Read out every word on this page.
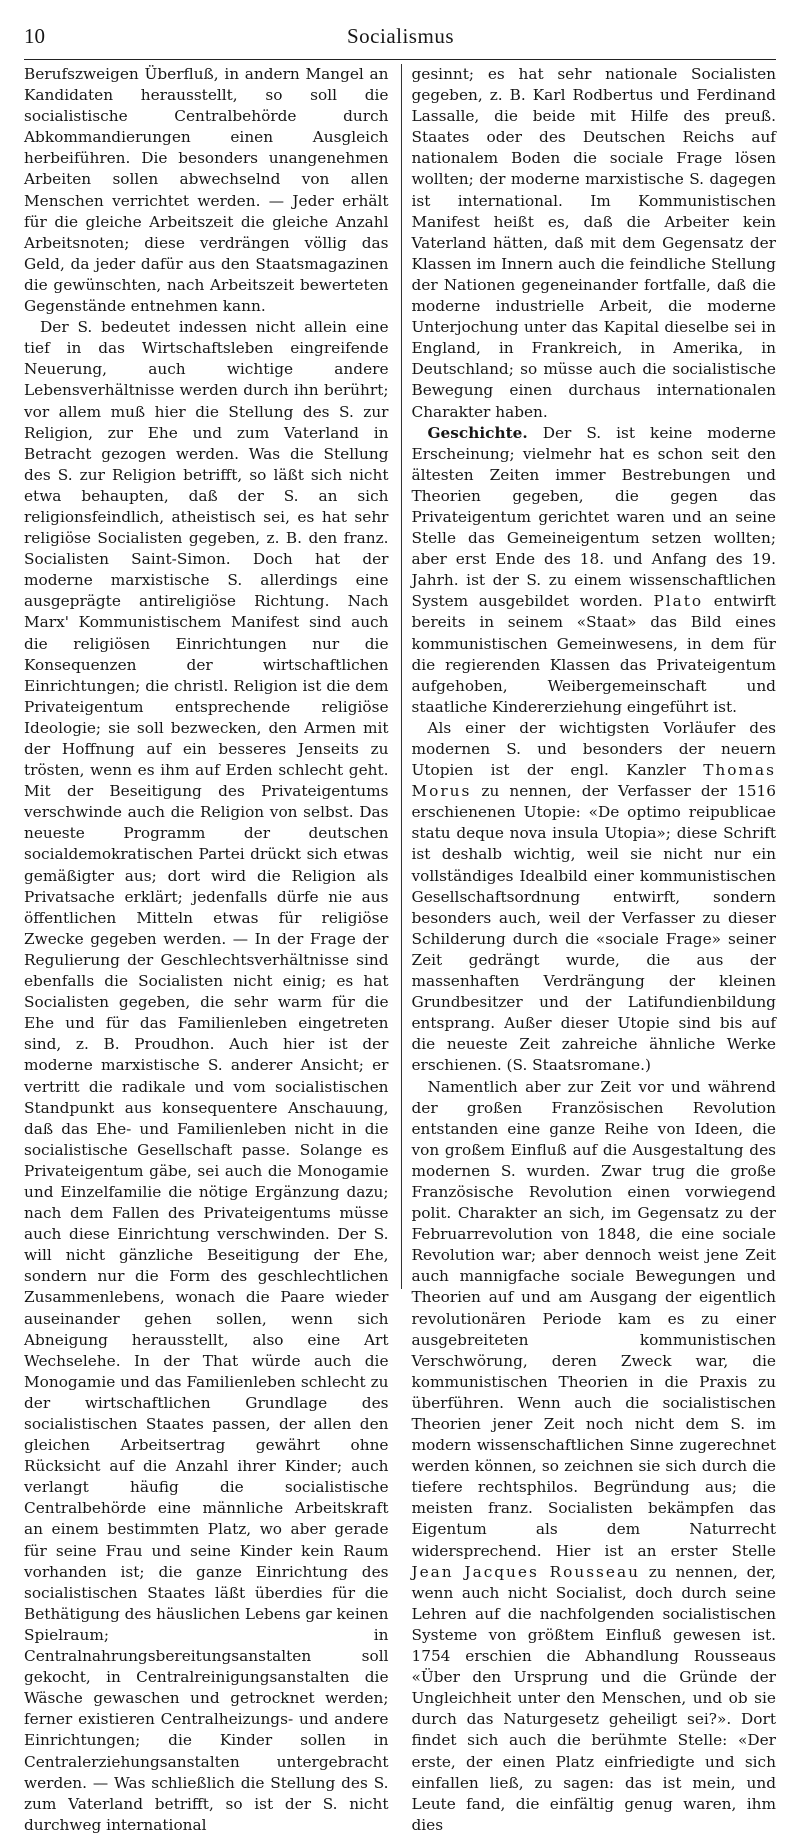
10	Socialismus

Berufszweigen Überfluß, in andern Mangel an Kandidaten herausstellt, so soll die socialistische Centralbehörde durch Abkommandierungen einen Ausgleich herbeiführen. Die besonders unangenehmen Arbeiten sollen abwechselnd von allen Menschen verrichtet werden. — Jeder erhält für die gleiche Arbeitszeit die gleiche Anzahl Arbeitsnoten; diese verdrängen völlig das Geld, da jeder dafür aus den Staatsmagazinen die gewünschten, nach Arbeitszeit bewerteten Gegenstände entnehmen kann.

Der S. bedeutet indessen nicht allein eine tief in das Wirtschaftsleben eingreifende Neuerung, auch wichtige andere Lebensverhältnisse werden durch ihn berührt; vor allem muß hier die Stellung des S. zur Religion, zur Ehe und zum Vaterland in Betracht gezogen werden. Was die Stellung des S. zur Religion betrifft, so läßt sich nicht etwa behaupten, daß der S. an sich religionsfeindlich, atheistisch sei, es hat sehr religiöse Socialisten gegeben, z. B. den franz. Socialisten Saint-Simon. Doch hat der moderne marxistische S. allerdings eine ausgeprägte antireligiöse Richtung. Nach Marx' Kommunistischem Manifest sind auch die religiösen Einrichtungen nur die Konsequenzen der wirtschaftlichen Einrichtungen; die christl. Religion ist die dem Privateigentum entsprechende religiöse Ideologie; sie soll bezwecken, den Armen mit der Hoffnung auf ein besseres Jenseits zu trösten, wenn es ihm auf Erden schlecht geht. Mit der Beseitigung des Privateigentums verschwinde auch die Religion von selbst. Das neueste Programm der deutschen socialdemokratischen Partei drückt sich etwas gemäßigter aus; dort wird die Religion als Privatsache erklärt; jedenfalls dürfe nie aus öffentlichen Mitteln etwas für religiöse Zwecke gegeben werden. — In der Frage der Regulierung der Geschlechtsverhältnisse sind ebenfalls die Socialisten nicht einig; es hat Socialisten gegeben, die sehr warm für die Ehe und für das Familienleben eingetreten sind, z. B. Proudhon. Auch hier ist der moderne marxistische S. anderer Ansicht; er vertritt die radikale und vom socialistischen Standpunkt aus konsequentere Anschauung, daß das Ehe- und Familienleben nicht in die socialistische Gesellschaft passe. Solange es Privateigentum gäbe, sei auch die Monogamie und Einzelfamilie die nötige Ergänzung dazu; nach dem Fallen des Privateigentums müsse auch diese Einrichtung verschwinden. Der S. will nicht gänzliche Beseitigung der Ehe, sondern nur die Form des geschlechtlichen Zusammenlebens, wonach die Paare wieder auseinander gehen sollen, wenn sich Abneigung herausstellt, also eine Art Wechselehe. In der That würde auch die Monogamie und das Familienleben schlecht zu der wirtschaftlichen Grundlage des socialistischen Staates passen, der allen den gleichen Arbeitsertrag gewährt ohne Rücksicht auf die Anzahl ihrer Kinder; auch verlangt häufig die socialistische Centralbehörde eine männliche Arbeitskraft an einem bestimmten Platz, wo aber gerade für seine Frau und seine Kinder kein Raum vorhanden ist; die ganze Einrichtung des socialistischen Staates läßt überdies für die Bethätigung des häuslichen Lebens gar keinen Spielraum; in Centralnahrungsbereitungsanstalten soll gekocht, in Centralreinigungsanstalten die Wäsche gewaschen und getrocknet werden; ferner existieren Centralheizungs- und andere Einrichtungen; die Kinder sollen in Centralerziehungsanstalten untergebracht werden. — Was schließlich die Stellung des S. zum Vaterland betrifft, so ist der S. nicht durchweg international

gesinnt; es hat sehr nationale Socialisten gegeben, z. B. Karl Rodbertus und Ferdinand Lassalle, die beide mit Hilfe des preuß. Staates oder des Deutschen Reichs auf nationalem Boden die sociale Frage lösen wollten; der moderne marxistische S. dagegen ist international. Im Kommunistischen Manifest heißt es, daß die Arbeiter kein Vaterland hätten, daß mit dem Gegensatz der Klassen im Innern auch die feindliche Stellung der Nationen gegeneinander fortfalle, daß die moderne industrielle Arbeit, die moderne Unterjochung unter das Kapital dieselbe sei in England, in Frankreich, in Amerika, in Deutschland; so müsse auch die socialistische Bewegung einen durchaus internationalen Charakter haben.

Geschichte. Der S. ist keine moderne Erscheinung; vielmehr hat es schon seit den ältesten Zeiten immer Bestrebungen und Theorien gegeben, die gegen das Privateigentum gerichtet waren und an seine Stelle das Gemeineigentum setzen wollten; aber erst Ende des 18. und Anfang des 19. Jahrh. ist der S. zu einem wissenschaftlichen System ausgebildet worden. Plato entwirft bereits in seinem «Staat» das Bild eines kommunistischen Gemeinwesens, in dem für die regierenden Klassen das Privateigentum aufgehoben, Weibergemeinschaft und staatliche Kindererziehung eingeführt ist.

Als einer der wichtigsten Vorläufer des modernen S. und besonders der neuern Utopien ist der engl. Kanzler Thomas Morus zu nennen, der Verfasser der 1516 erschienenen Utopie: «De optimo reipublicae statu deque nova insula Utopia»; diese Schrift ist deshalb wichtig, weil sie nicht nur ein vollständiges Idealbild einer kommunistischen Gesellschaftsordnung entwirft, sondern besonders auch, weil der Verfasser zu dieser Schilderung durch die «sociale Frage» seiner Zeit gedrängt wurde, die aus der massenhaften Verdrängung der kleinen Grundbesitzer und der Latifundienbildung entsprang. Außer dieser Utopie sind bis auf die neueste Zeit zahreiche ähnliche Werke erschienen. (S. Staatsromane.)

Namentlich aber zur Zeit vor und während der großen Französischen Revolution entstanden eine ganze Reihe von Ideen, die von großem Einfluß auf die Ausgestaltung des modernen S. wurden. Zwar trug die große Französische Revolution einen vorwiegend polit. Charakter an sich, im Gegensatz zu der Februarrevolution von 1848, die eine sociale Revolution war; aber dennoch weist jene Zeit auch mannigfache sociale Bewegungen und Theorien auf und am Ausgang der eigentlich revolutionären Periode kam es zu einer ausgebreiteten kommunistischen Verschwörung, deren Zweck war, die kommunistischen Theorien in die Praxis zu überführen. Wenn auch die socialistischen Theorien jener Zeit noch nicht dem S. im modern wissenschaftlichen Sinne zugerechnet werden können, so zeichnen sie sich durch die tiefere rechtsphilos. Begründung aus; die meisten franz. Socialisten bekämpfen das Eigentum als dem Naturrecht widersprechend. Hier ist an erster Stelle Jean Jacques Rousseau zu nennen, der, wenn auch nicht Socialist, doch durch seine Lehren auf die nachfolgenden socialistischen Systeme von größtem Einfluß gewesen ist. 1754 erschien die Abhandlung Rousseaus «Über den Ursprung und die Gründe der Ungleichheit unter den Menschen, und ob sie durch das Naturgesetz geheiligt sei?». Dort findet sich auch die berühmte Stelle: «Der erste, der einen Platz einfriedigte und sich einfallen ließ, zu sagen: das ist mein, und Leute fand, die einfältig genug waren, ihm dies
